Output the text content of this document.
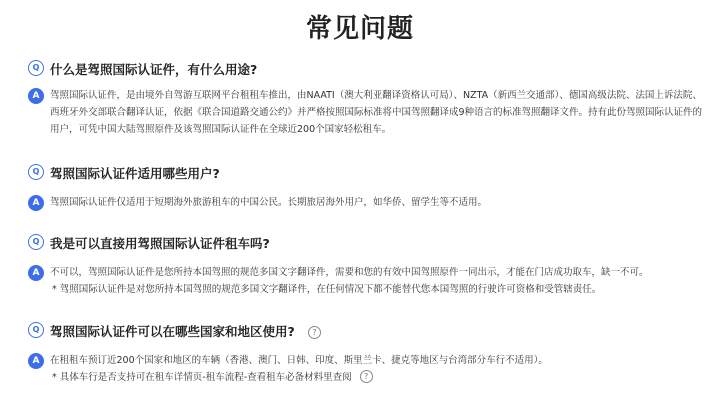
常见问题
Q 什么是驾照国际认证件，有什么用途?
A	驾照国际认证件，是由境外自驾游互联网平台租租车推出，由NAATI（澳大利亚翻译资格认可局）、NZTA（新西兰交通部）、德国高级法院、法国上诉法院、西班牙外交部联合翻译认证，依据《联合国道路交通公约》并严格按照国际标准将中国驾照翻译成9种语言的标准驾照翻译文件。持有此份驾照国际认证件的用户，可凭中国大陆驾照原件及该驾照国际认证件在全球近200个国家轻松租车。
Q 驾照国际认证件适用哪些用户?
A	驾照国际认证件仅适用于短期海外旅游租车的中国公民。长期旅居海外用户，如华侨、留学生等不适用。
Q 我是可以直接用驾照国际认证件租车吗?
A	不可以，驾照国际认证件是您所持本国驾照的规范多国文字翻译件，需要和您的有效中国驾照原件一同出示，才能在门店成功取车，缺一不可。
* 驾照国际认证件是对您所持本国驾照的规范多国文字翻译件，在任何情况下都不能替代您本国驾照的行驶许可资格和受管辖责任。
Q 驾照国际认证件可以在哪些国家和地区使用? ?
A	在租租车预订近200个国家和地区的车辆（香港、澳门、日韩、印度、斯里兰卡、捷克等地区与台湾部分车行不适用）。
* 具体车行是否支持可在租车详情页-租车流程-查看租车必备材料里查阅 ?
